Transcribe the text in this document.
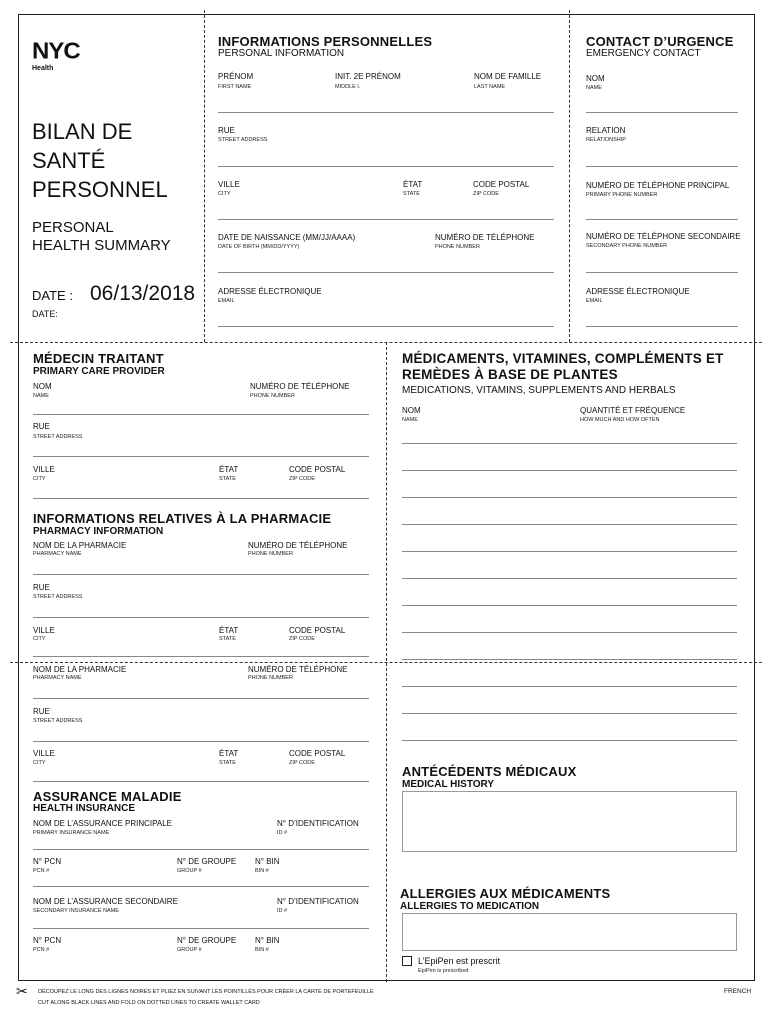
NYC
Health
BILAN DE
SANTÉ
PERSONNEL
PERSONAL
HEALTH SUMMARY
DATE : 06/13/2018
DATE:
INFORMATIONS PERSONNELLES
PERSONAL INFORMATION
PRÉNOM
FIRST NAME
INIT. 2E PRÉNOM
MIDDLE I.
NOM DE FAMILLE
LAST NAME
RUE
STREET ADDRESS
VILLE
CITY
ÉTAT
STATE
CODE POSTAL
ZIP CODE
DATE DE NAISSANCE (MM/JJ/AAAA)
DATE OF BIRTH (MM/DD/YYYY)
NUMÉRO DE TÉLÉPHONE
PHONE NUMBER
ADRESSE ÉLECTRONIQUE
EMAIL
CONTACT D’URGENCE
EMERGENCY CONTACT
NOM
NAME
RELATION
RELATIONSHIP
NUMÉRO DE TÉLÉPHONE PRINCIPAL
PRIMARY PHONE NUMBER
NUMÉRO DE TÉLÉPHONE SECONDAIRE
SECONDARY PHONE NUMBER
ADRESSE ÉLECTRONIQUE
EMAIL
MÉDECIN TRAITANT
PRIMARY CARE PROVIDER
NOM
NAME
NUMÉRO DE TÉLÉPHONE
PHONE NUMBER
RUE
STREET ADDRESS
VILLE
CITY
ÉTAT
STATE
CODE POSTAL
ZIP CODE
INFORMATIONS RELATIVES À LA PHARMACIE
PHARMACY INFORMATION
NOM DE LA PHARMACIE
PHARMACY NAME
NUMÉRO DE TÉLÉPHONE
PHONE NUMBER
RUE
STREET ADDRESS
VILLE
CITY
ÉTAT
STATE
CODE POSTAL
ZIP CODE
NOM DE LA PHARMACIE
PHARMACY NAME
NUMÉRO DE TÉLÉPHONE
PHONE NUMBER
RUE
STREET ADDRESS
VILLE
CITY
ÉTAT
STATE
CODE POSTAL
ZIP CODE
ASSURANCE MALADIE
HEALTH INSURANCE
NOM DE L’ASSURANCE PRINCIPALE
PRIMARY INSURANCE NAME
N° D’IDENTIFICATION
ID #
N° PCN
PCN #
N° DE GROUPE
GROUP #
N° BIN
BIN #
NOM DE L’ASSURANCE SECONDAIRE
SECONDARY INSURANCE NAME
N° D’IDENTIFICATION
ID #
N° PCN
PCN #
N° DE GROUPE
GROUP #
N° BIN
BIN #
MÉDICAMENTS, VITAMINES, COMPLÉMENTS ET
REMÈDES À BASE DE PLANTES
MEDICATIONS, VITAMINS, SUPPLEMENTS AND HERBALS
NOM
NAME
QUANTITÉ ET FRÉQUENCE
HOW MUCH AND HOW OFTEN
ANTÉCÉDENTS MÉDICAUX
MEDICAL HISTORY
ALLERGIES AUX MÉDICAMENTS
ALLERGIES TO MEDICATION
L’EpiPen est prescrit
EpiPen is prescribed
✂ DÉCOUPEZ LE LONG DES LIGNES NOIRES ET PLIEZ EN SUIVANT LES POINTILLÉS POUR CRÉER LA CARTE DE PORTEFEUILLE
CUT ALONG BLACK LINES AND FOLD ON DOTTED LINES TO CREATE WALLET CARD
FRENCH
